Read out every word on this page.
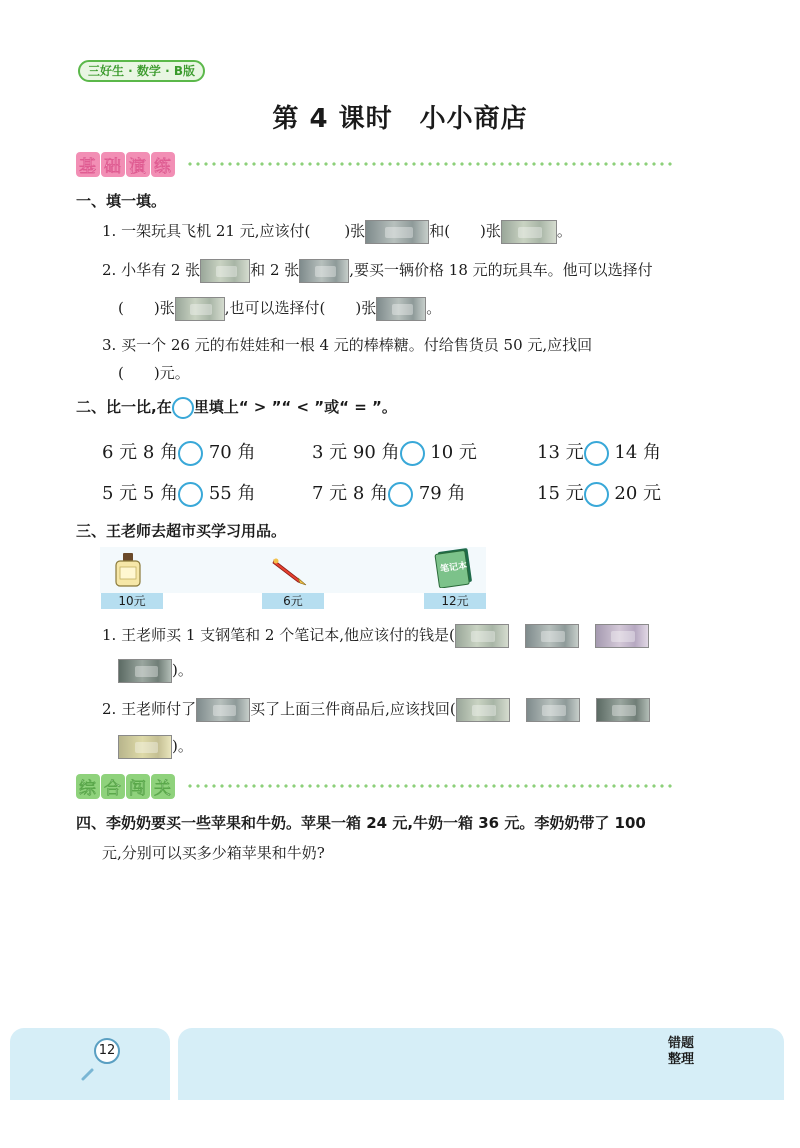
三好生 · 数学 · B版
第 4 课时　小小商店
基 础 演 练
一、填一填。
1. 一架玩具飞机 21 元,应该付( )张	和( )张	。
2. 小华有 2 张	和 2 张	,要买一辆价格 18 元的玩具车。他可以选择付
( )张	,也可以选择付( )张	。
3. 买一个 26 元的布娃娃和一根 4 元的棒棒糖。付给售货员 50 元,应找回
(　　)元。
二、比一比,在 里填上“ > ”“ < ”或“ = ”。
6 元 8 角 70 角	3 元 90 角 10 元	13 元 14 角
5 元 5 角 55 角	7 元 8 角 79 角	15 元 20 元
三、王老师去超市买学习用品。
10元	6元
笔记本
12元
1. 王老师买 1 支钢笔和 2 个笔记本,他应该付的钱是(
)。
2. 王老师付了	买了上面三件商品后,应该找回(
)。
综 合 闯 关
四、李奶奶要买一些苹果和牛奶。苹果一箱 24 元,牛奶一箱 36 元。李奶奶带了 100
元,分别可以买多少箱苹果和牛奶?
12	错题
整理
